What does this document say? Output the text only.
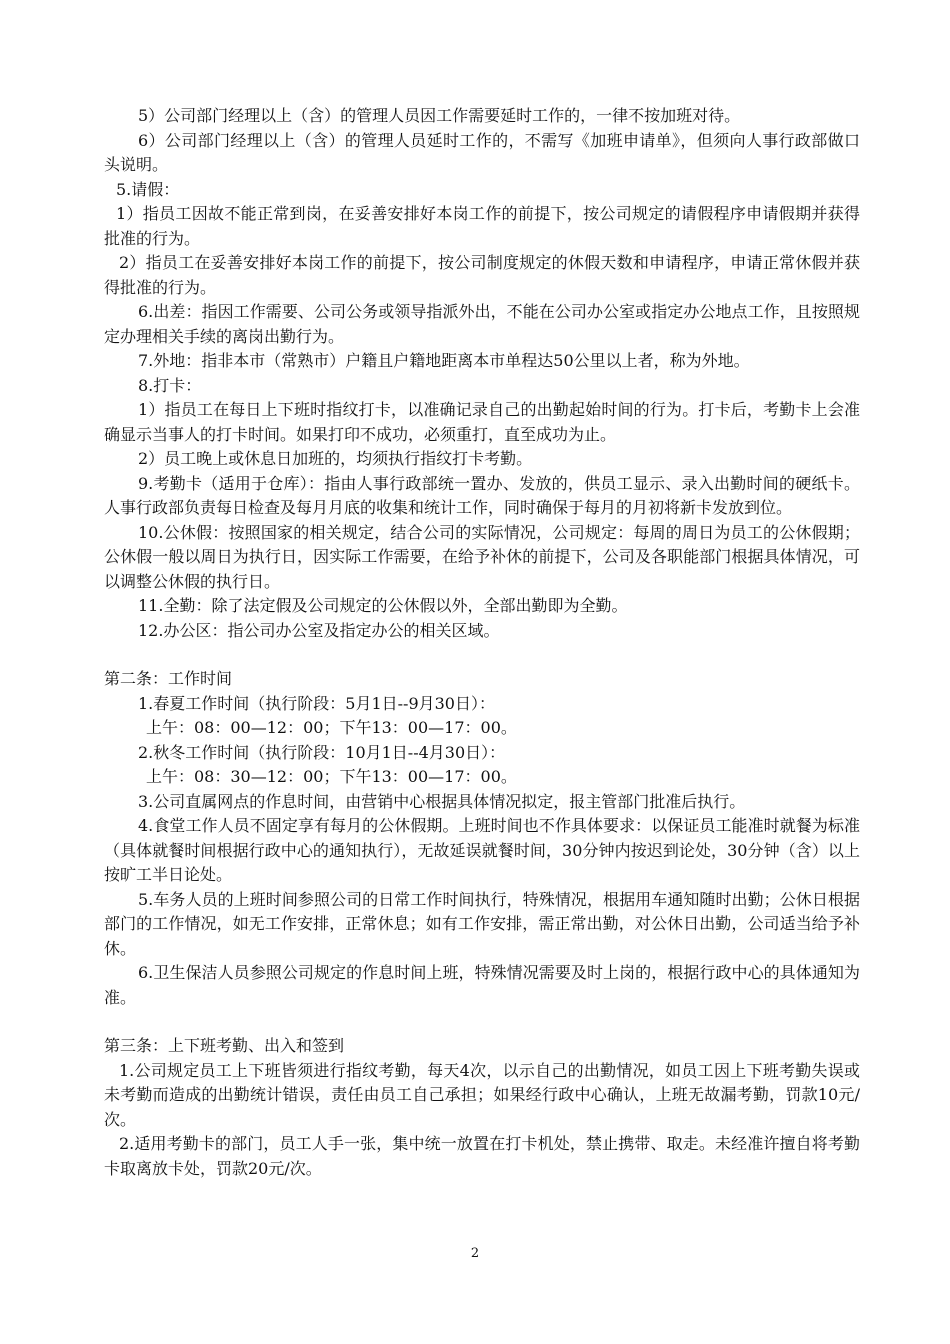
5）公司部门经理以上（含）的管理人员因工作需要延时工作的，一律不按加班对待。

6）公司部门经理以上（含）的管理人员延时工作的，不需写《加班申请单》，但须向人事行政部做口头说明。

5.请假：

1）指员工因故不能正常到岗，在妥善安排好本岗工作的前提下，按公司规定的请假程序申请假期并获得批准的行为。

2）指员工在妥善安排好本岗工作的前提下，按公司制度规定的休假天数和申请程序，申请正常休假并获得批准的行为。

6.出差：指因工作需要、公司公务或领导指派外出，不能在公司办公室或指定办公地点工作，且按照规定办理相关手续的离岗出勤行为。

7.外地：指非本市（常熟市）户籍且户籍地距离本市单程达50公里以上者，称为外地。

8.打卡：

1）指员工在每日上下班时指纹打卡，以准确记录自己的出勤起始时间的行为。打卡后，考勤卡上会准确显示当事人的打卡时间。如果打印不成功，必须重打，直至成功为止。

2）员工晚上或休息日加班的，均须执行指纹打卡考勤。

9.考勤卡（适用于仓库）：指由人事行政部统一置办、发放的，供员工显示、录入出勤时间的硬纸卡。人事行政部负责每日检查及每月月底的收集和统计工作，同时确保于每月的月初将新卡发放到位。

10.公休假：按照国家的相关规定，结合公司的实际情况，公司规定：每周的周日为员工的公休假期；公休假一般以周日为执行日，因实际工作需要，在给予补休的前提下，公司及各职能部门根据具体情况，可以调整公休假的执行日。

11.全勤：除了法定假及公司规定的公休假以外，全部出勤即为全勤。

12.办公区：指公司办公室及指定办公的相关区域。

第二条：工作时间

1.春夏工作时间（执行阶段：5月1日--9月30日）：

上午：08：00—12：00；下午13：00—17：00。

2.秋冬工作时间（执行阶段：10月1日--4月30日）：

上午：08：30—12：00；下午13：00—17：00。

3.公司直属网点的作息时间，由营销中心根据具体情况拟定，报主管部门批准后执行。

4.食堂工作人员不固定享有每月的公休假期。上班时间也不作具体要求：以保证员工能准时就餐为标准（具体就餐时间根据行政中心的通知执行），无故延误就餐时间，30分钟内按迟到论处，30分钟（含）以上按旷工半日论处。

5.车务人员的上班时间参照公司的日常工作时间执行，特殊情况，根据用车通知随时出勤；公休日根据部门的工作情况，如无工作安排，正常休息；如有工作安排，需正常出勤，对公休日出勤，公司适当给予补休。

6.卫生保洁人员参照公司规定的作息时间上班，特殊情况需要及时上岗的，根据行政中心的具体通知为准。

第三条：上下班考勤、出入和签到

1.公司规定员工上下班皆须进行指纹考勤，每天4次，以示自己的出勤情况，如员工因上下班考勤失误或未考勤而造成的出勤统计错误，责任由员工自己承担；如果经行政中心确认，上班无故漏考勤，罚款10元/次。

2.适用考勤卡的部门，员工人手一张，集中统一放置在打卡机处，禁止携带、取走。未经准许擅自将考勤卡取离放卡处，罚款20元/次。

2
